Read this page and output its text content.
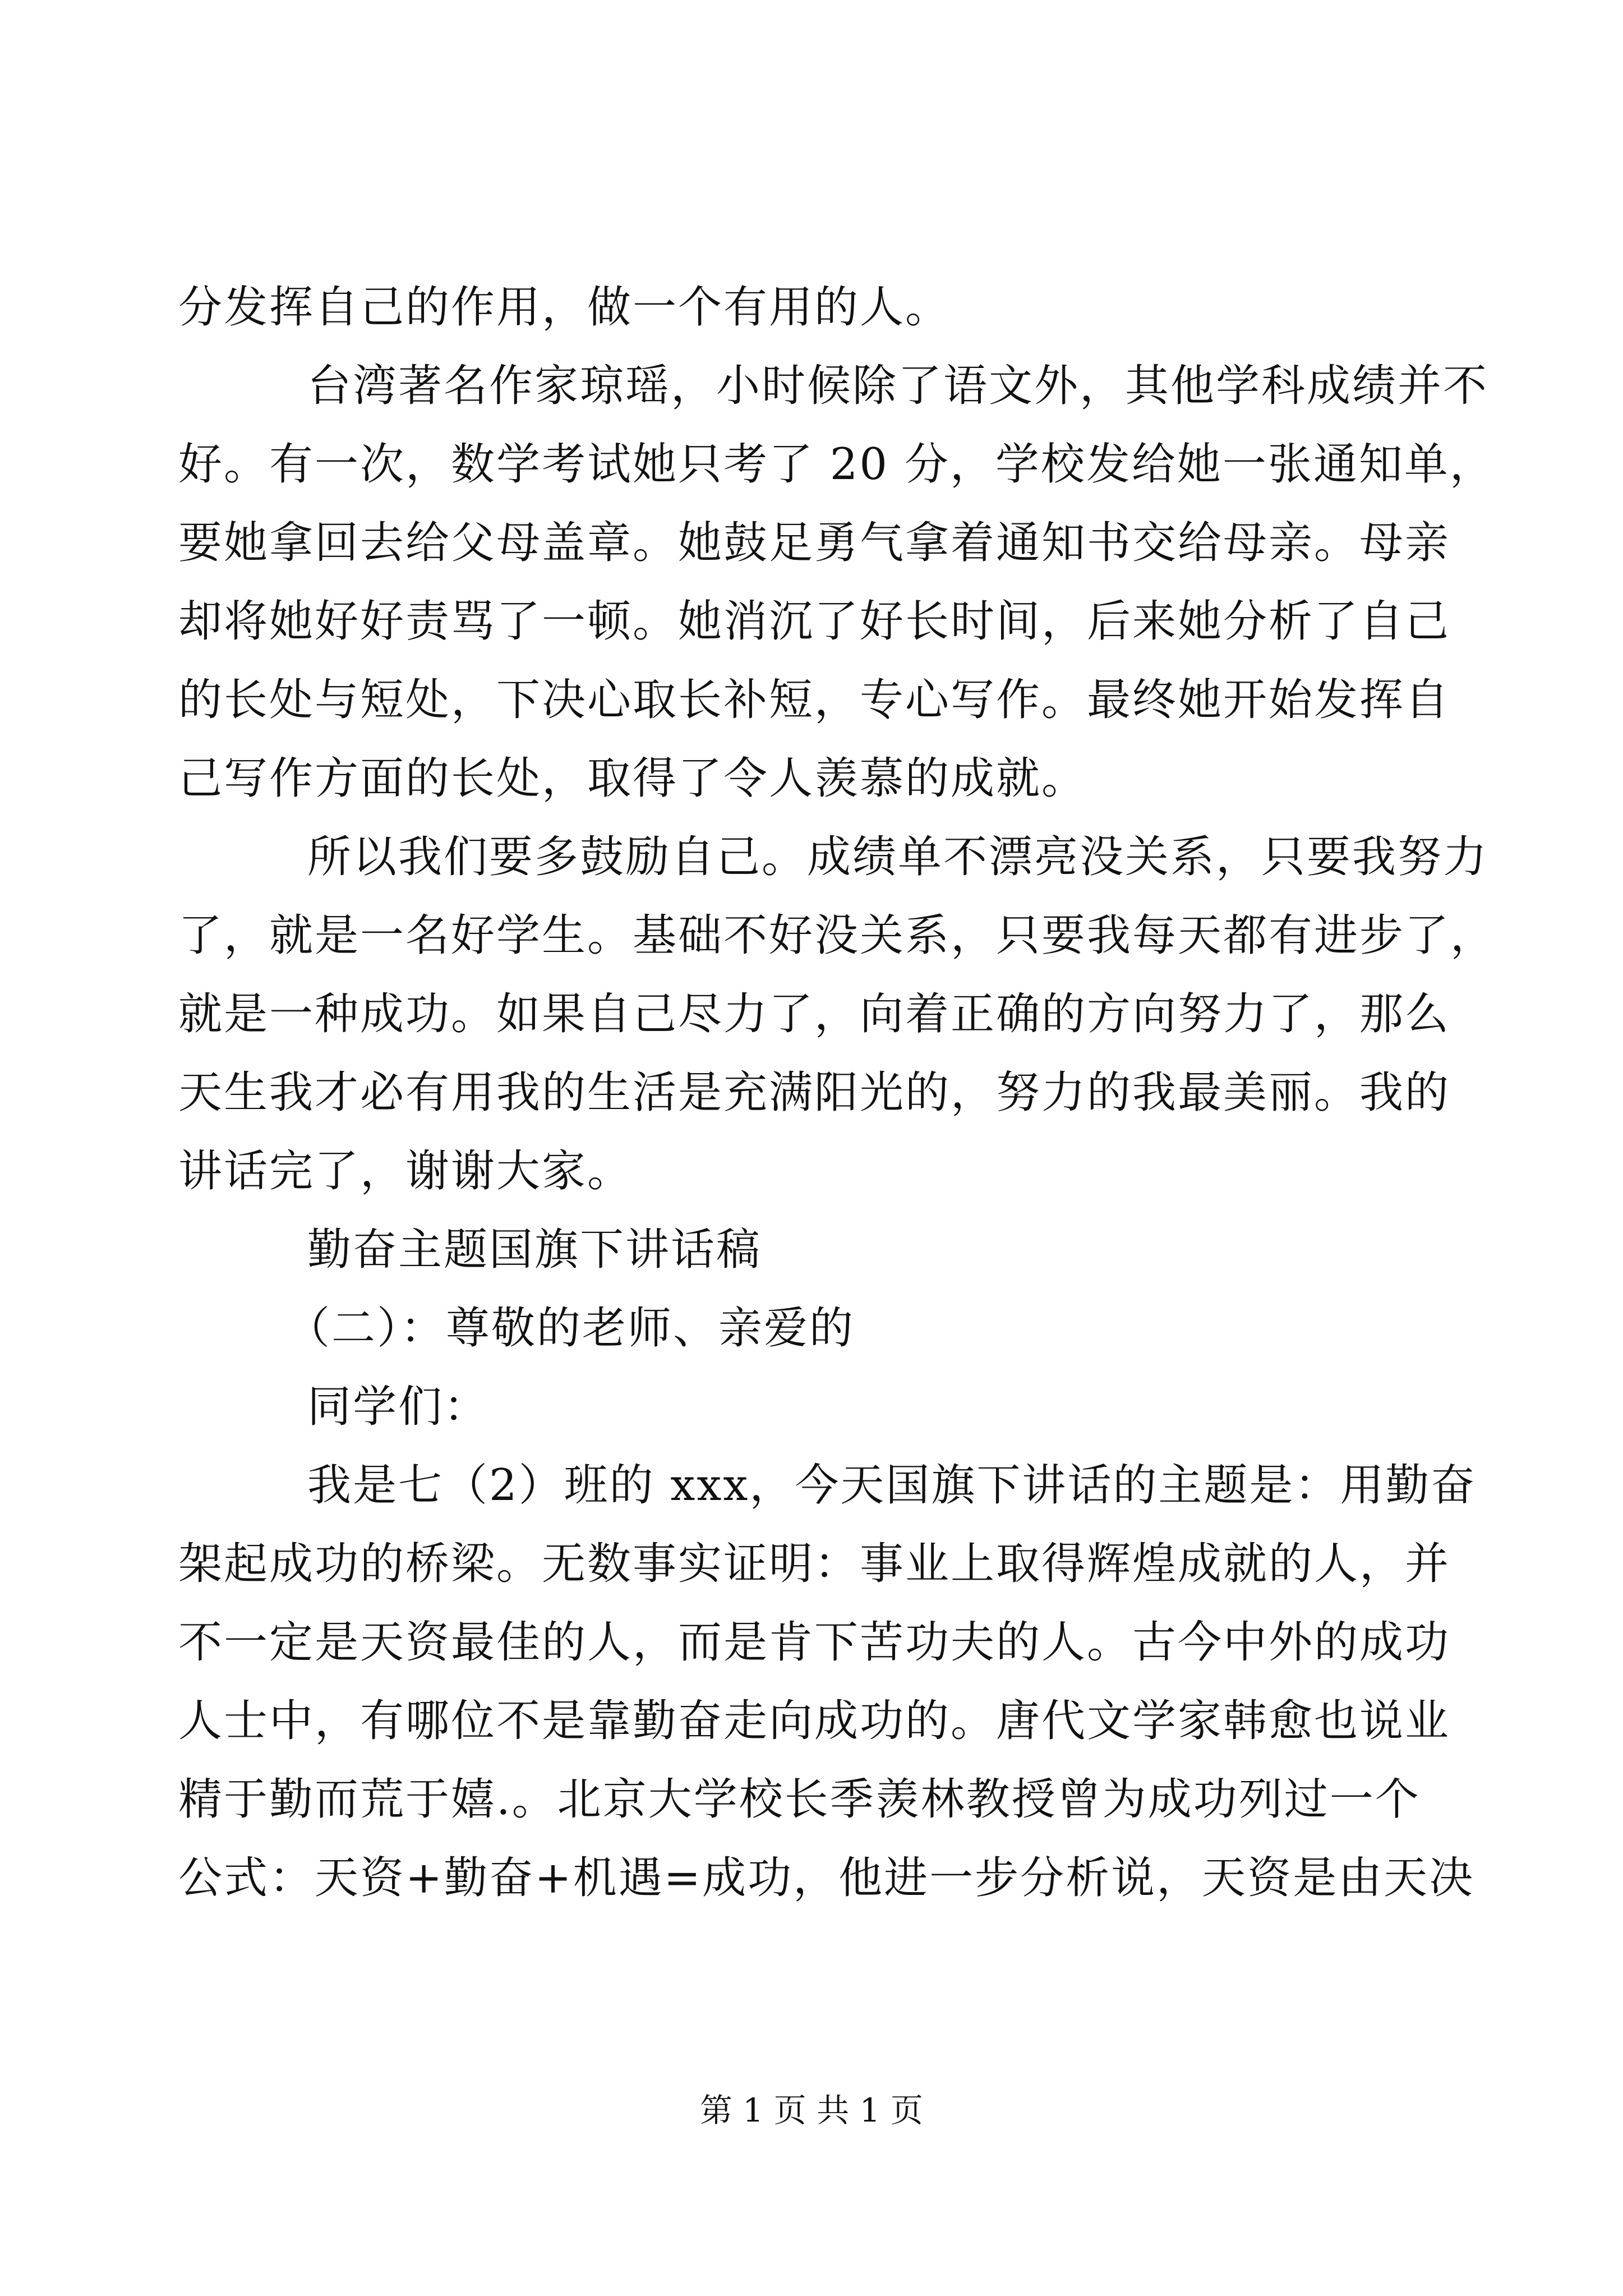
分发挥自己的作用，做一个有用的人。
台湾著名作家琼瑶，小时候除了语文外，其他学科成绩并不
好。有一次，数学考试她只考了 20 分，学校发给她一张通知单，
要她拿回去给父母盖章。她鼓足勇气拿着通知书交给母亲。母亲
却将她好好责骂了一顿。她消沉了好长时间，后来她分析了自己
的长处与短处，下决心取长补短，专心写作。最终她开始发挥自
己写作方面的长处，取得了令人羡慕的成就。
所以我们要多鼓励自己。成绩单不漂亮没关系，只要我努力
了，就是一名好学生。基础不好没关系，只要我每天都有进步了，
就是一种成功。如果自己尽力了，向着正确的方向努力了，那么
天生我才必有用我的生活是充满阳光的，努力的我最美丽。我的
讲话完了，谢谢大家。
勤奋主题国旗下讲话稿
（二）：尊敬的老师、亲爱的
同学们：
我是七（2）班的 xxx，今天国旗下讲话的主题是：用勤奋
架起成功的桥梁。无数事实证明：事业上取得辉煌成就的人，并
不一定是天资最佳的人，而是肯下苦功夫的人。古今中外的成功
人士中，有哪位不是靠勤奋走向成功的。唐代文学家韩愈也说业
精于勤而荒于嬉.。北京大学校长季羡林教授曾为成功列过一个
公式：天资+勤奋+机遇=成功，他进一步分析说，天资是由天决
第 1 页 共 1 页
